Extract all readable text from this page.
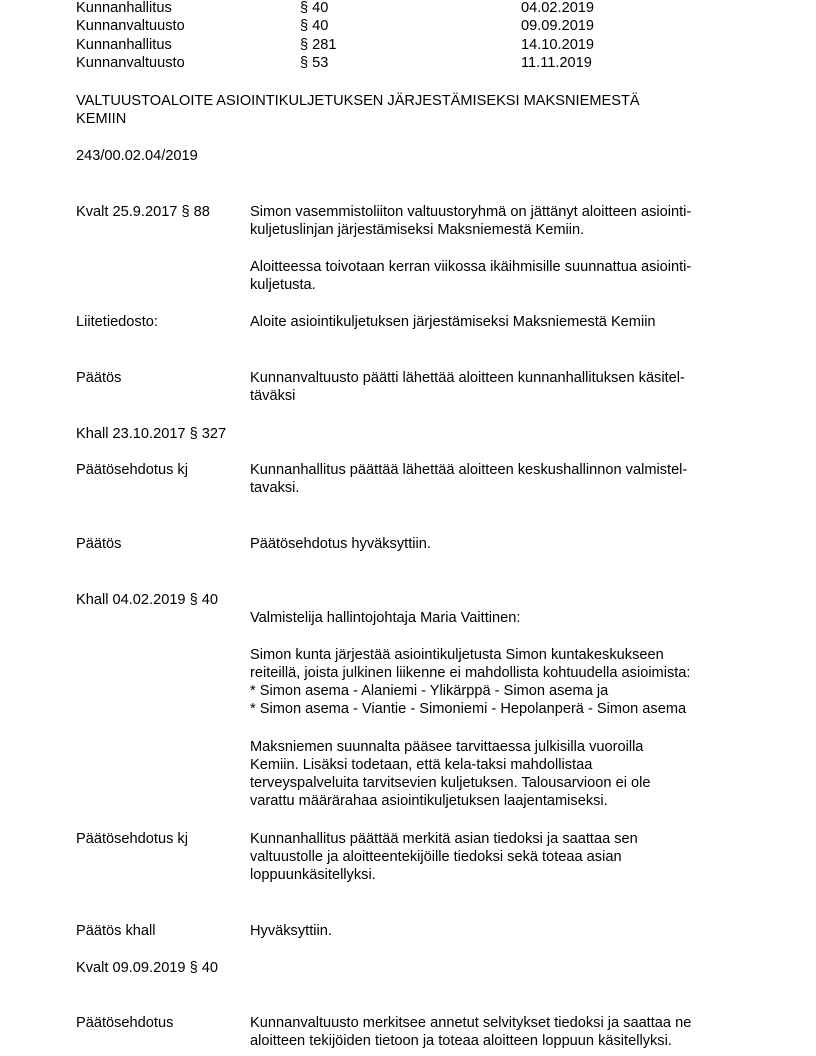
Kunnanhallitus	§ 40	04.02.2019
Kunnanvaltuusto	§ 40	09.09.2019
Kunnanhallitus	§ 281	14.10.2019
Kunnanvaltuusto	§ 53	11.11.2019
VALTUUSTOALOITE ASIOINTIKULJETUKSEN JÄRJESTÄMISEKSI MAKSNIEMESTÄ
KEMIIN
243/00.02.04/2019
Kvalt 25.9.2017 § 88	Simon vasemmistoliiton valtuustoryhmä on jättänyt aloitteen asiointi-
kuljetuslinjan järjestämiseksi Maksniemestä Kemiin.
Aloitteessa toivotaan kerran viikossa ikäihmisille suunnattua asiointi-
kuljetusta.
Liitetiedosto:	Aloite asiointikuljetuksen järjestämiseksi Maksniemestä Kemiin
Päätös	Kunnanvaltuusto päätti lähettää aloitteen kunnanhallituksen käsitel-
täväksi
Khall 23.10.2017 § 327
Päätösehdotus kj	Kunnanhallitus päättää lähettää aloitteen keskushallinnon valmistel-
tavaksi.
Päätös	Päätösehdotus hyväksyttiin.
Khall 04.02.2019 § 40
Valmistelija hallintojohtaja Maria Vaittinen:
Simon kunta järjestää asiointikuljetusta Simon kuntakeskukseen
reiteillä, joista julkinen liikenne ei mahdollista kohtuudella asioimista:
* Simon asema - Alaniemi - Ylikärppä - Simon asema ja
* Simon asema - Viantie - Simoniemi - Hepolanperä - Simon asema
Maksniemen suunnalta pääsee tarvittaessa julkisilla vuoroilla
Kemiin. Lisäksi todetaan, että kela-taksi mahdollistaa
terveyspalveluita tarvitsevien kuljetuksen. Talousarvioon ei ole
varattu määrärahaa asiointikuljetuksen laajentamiseksi.
Päätösehdotus kj	Kunnanhallitus päättää merkitä asian tiedoksi ja saattaa sen
valtuustolle ja aloitteentekijöille tiedoksi sekä toteaa asian
loppuunkäsitellyksi.
Päätös khall	Hyväksyttiin.
Kvalt 09.09.2019 § 40
Päätösehdotus	Kunnanvaltuusto merkitsee annetut selvitykset tiedoksi ja saattaa ne
aloitteen tekijöiden tietoon ja toteaa aloitteen loppuun käsitellyksi.
